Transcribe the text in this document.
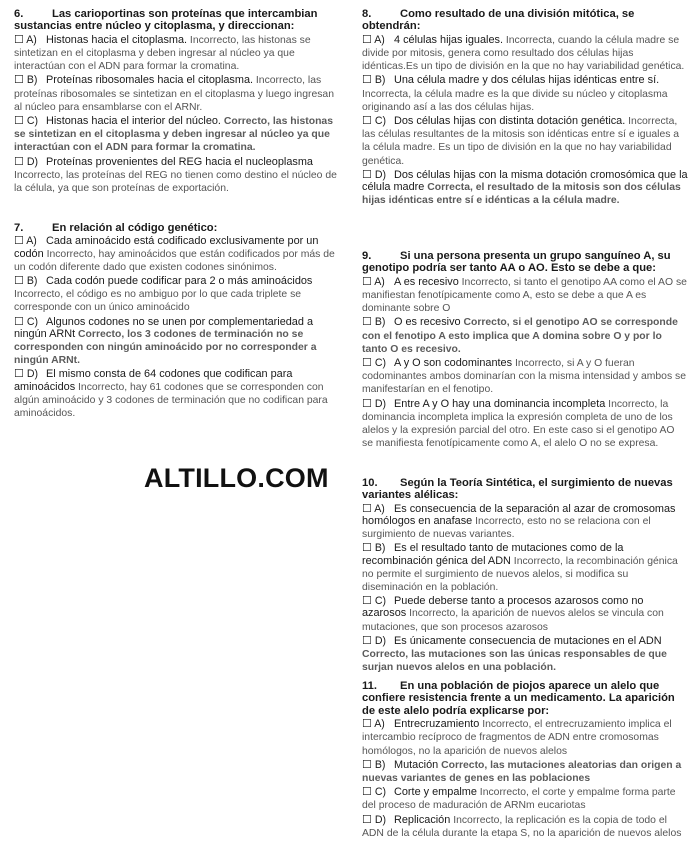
6.	Las carioportinas son proteínas que intercambian sustancias entre núcleo y citoplasma, y direccionan:
☐ A) Histonas hacia el citoplasma. Incorrecto, las histonas se sintetizan en el citoplasma y deben ingresar al núcleo ya que interactúan con el ADN para formar la cromatina.
☐ B) Proteínas ribosomales hacia el citoplasma. Incorrecto, las proteínas ribosomales se sintetizan en el citoplasma y luego ingresan al núcleo para ensamblarse con el ARNr.
☐ C) Histonas hacia el interior del núcleo. Correcto, las histonas se sintetizan en el citoplasma y deben ingresar al núcleo ya que interactúan con el ADN para formar la cromatina.
☐ D) Proteínas provenientes del REG hacia el nucleoplasma Incorrecto, las proteínas del REG no tienen como destino el núcleo de la célula, ya que son proteínas de exportación.
7.	En relación al código genético:
☐ A) Cada aminoácido está codificado exclusivamente por un codón Incorrecto, hay aminoácidos que están codificados por más de un codón diferente dado que existen codones sinónimos.
☐ B) Cada codón puede codificar para 2 o más aminoácidos Incorrecto, el código es no ambiguo por lo que cada triplete se corresponde con un único aminoácido
☐ C) Algunos codones no se unen por complementariedad a ningún ARNt Correcto, los 3 codones de terminación no se corresponden con ningún aminoácido por no corresponder a ningún ARNt.
☐ D) El mismo consta de 64 codones que codifican para aminoácidos Incorrecto, hay 61 codones que se corresponden con algún aminoácido y 3 codones de terminación que no codifican para aminoácidos.
8.	Como resultado de una división mitótica, se obtendrán:
☐ A) 4 células hijas iguales. Incorrecta, cuando la célula madre se divide por mitosis, genera como resultado dos células hijas idénticas.Es un tipo de división en la que no hay variabilidad genética.
☐ B) Una célula madre y dos células hijas idénticas entre sí. Incorrecta, la célula madre es la que divide su núcleo y citoplasma originando así a las dos células hijas.
☐ C) Dos células hijas con distinta dotación genética. Incorrecta, las células resultantes de la mitosis son idénticas entre sí e iguales a la célula madre. Es un tipo de división en la que no hay variabilidad genética.
☐ D) Dos células hijas con la misma dotación cromosómica que la célula madre Correcta, el resultado de la mitosis son dos células hijas idénticas entre sí e idénticas a la célula madre.
9.	Si una persona presenta un grupo sanguíneo A, su genotipo podría ser tanto AA o AO. Esto se debe a que:
☐ A) A es recesivo Incorrecto, si tanto el genotipo AA como el AO se manifiestan fenotípicamente como A, esto se debe a que A es dominante sobre O
☐ B) O es recesivo Correcto, si el genotipo AO se corresponde con el fenotipo A esto implica que A domina sobre O y por lo tanto O es recesivo.
☐ C) A y O son codominantes Incorrecto, si A y O fueran codominantes ambos dominarían con la misma intensidad y ambos se manifestarían en el fenotipo.
☐ D) Entre A y O hay una dominancia incompleta Incorrecto, la dominancia incompleta implica la expresión completa de uno de los alelos y la expresión parcial del otro. En este caso si el genotipo AO se manifiesta fenotípicamente como A, el alelo O no se expresa.
10. Según la Teoría Sintética, el surgimiento de nuevas variantes alélicas:
☐ A) Es consecuencia de la separación al azar de cromosomas homólogos en anafase Incorrecto, esto no se relaciona con el surgimiento de nuevas variantes.
☐ B) Es el resultado tanto de mutaciones como de la recombinación génica del ADN Incorrecto, la recombinación génica no permite el surgimiento de nuevos alelos, si modifica su diseminación en la población.
☐ C) Puede deberse tanto a procesos azarosos como no azarosos Incorrecto, la aparición de nuevos alelos se vincula con mutaciones, que son procesos azarosos
☐ D) Es únicamente consecuencia de mutaciones en el ADN Correcto, las mutaciones son las únicas responsables de que surjan nuevos alelos en una población.
11. En una población de piojos aparece un alelo que confiere resistencia frente a un medicamento. La aparición de este alelo podría explicarse por:
☐ A) Entrecruzamiento Incorrecto, el entrecruzamiento implica el intercambio recíproco de fragmentos de ADN entre cromosomas homólogos, no la aparición de nuevos alelos
☐ B) Mutación Correcto, las mutaciones aleatorias dan origen a nuevas variantes de genes en las poblaciones
☐ C) Corte y empalme Incorrecto, el corte y empalme forma parte del proceso de maduración de ARNm eucariotas
☐ D) Replicación Incorrecto, la replicación es la copia de todo el ADN de la célula durante la etapa S, no la aparición de nuevos alelos
ALTILLO.COM
